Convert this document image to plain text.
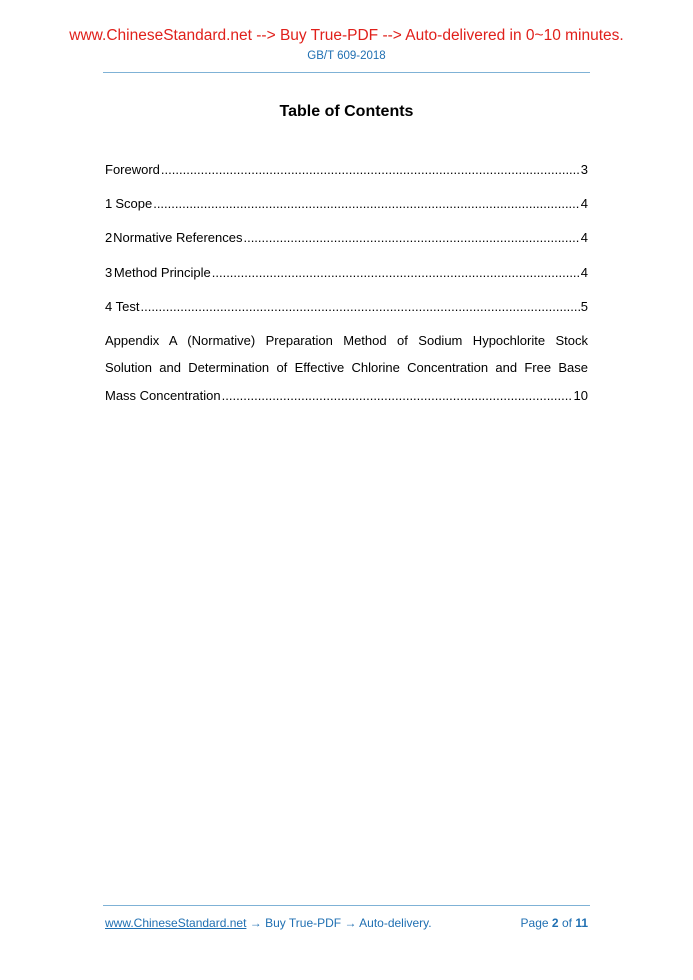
www.ChineseStandard.net --> Buy True-PDF --> Auto-delivered in 0~10 minutes.
GB/T 609-2018
Table of Contents
Foreword .....	3
1 Scope .....	4
2 Normative References .....	4
3 Method Principle .....	4
4 Test .....	5
Appendix A (Normative) Preparation Method of Sodium Hypochlorite Stock
Solution and Determination of Effective Chlorine Concentration and Free Base
Mass Concentration .....	10
www.ChineseStandard.net → Buy True-PDF → Auto-delivery.	Page 2 of 11
